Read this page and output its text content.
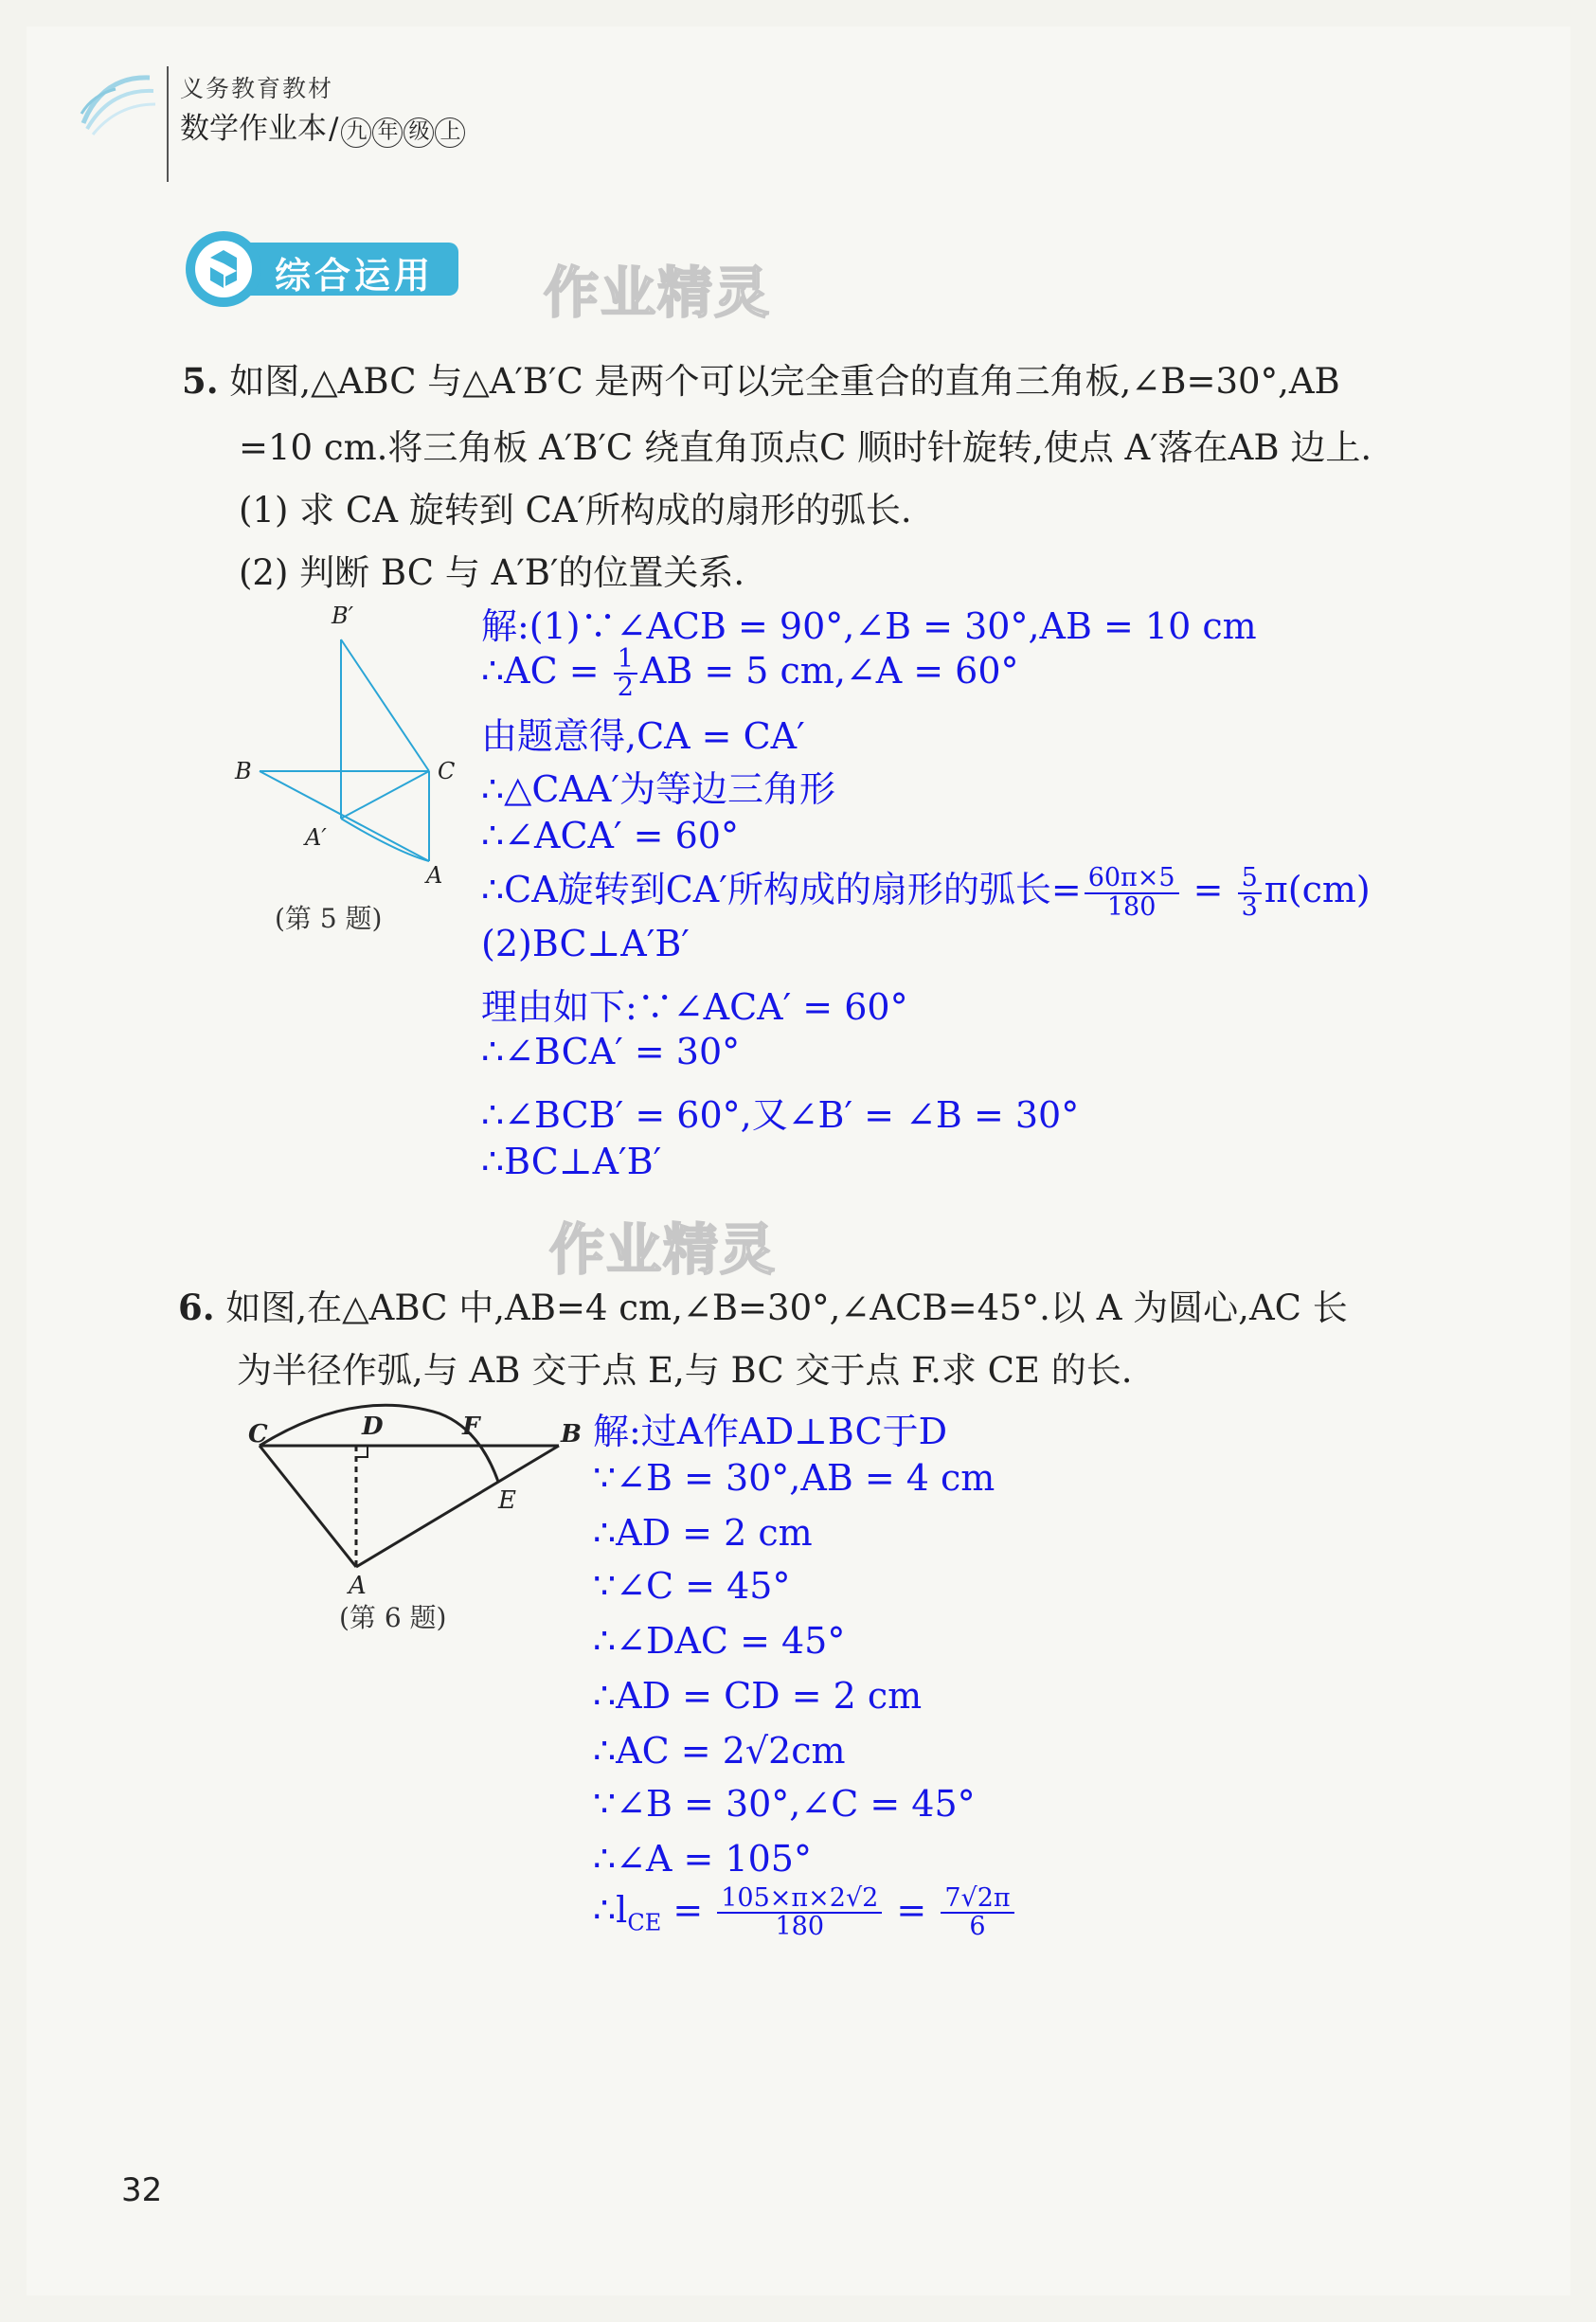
义务教育教材
数学作业本/ 九 年 级 上
综合运用 作业精灵
作业精灵
5. 如图,△ABC 与△A′B′C 是两个可以完全重合的直角三角板,∠B=30°,AB
=10 cm.将三角板 A′B′C 绕直角顶点C 顺时针旋转,使点 A′落在AB 边上.
(1) 求 CA 旋转到 CA′所构成的扇形的弧长.
(2) 判断 BC 与 A′B′的位置关系.
B′
B	C
A′
A
(第 5 题)
解:(1)∵∠ACB = 90°,∠B = 30°,AB = 10 cm
∴AC = $\frac{1}{2}$ AB = 5 cm,∠A = 60°
由题意得,CA = CA′
∴△CAA′为等边三角形
∴∠ACA′ = 60°
∴CA旋转到CA′所构成的扇形的弧长= $\frac{60\pi\times 5}{180} = \frac{5}{3} \pi(cm)$
(2)BC⊥A′B′
理由如下:∵∠ACA′ = 60°
∴∠BCA′ = 30°
∴∠BCB′ = 60°,又∠B′ = ∠B = 30°
∴BC⊥A′B′
6. 如图,在△ABC 中,AB=4 cm,∠B=30°,∠ACB=45°.以 A 为圆心,AC 长
为半径作弧,与 AB 交于点 E,与 BC 交于点 F.求 CE 的长.
C	D	F	B
E
A
(第 6 题)
解:过A作AD⊥BC于D
∵∠B = 30°,AB = 4 cm
∴AD = 2 cm
∵∠C = 45°
∴∠DAC = 45°
∴AD = CD = 2 cm
∴AC = 2√2cm
∵∠B = 30°,∠C = 45°
∴∠A = 105°
$\therefore l_{CE} = \frac{105\times\pi\times 2√2}{180} = \frac{7√2\pi}{6}$
32
